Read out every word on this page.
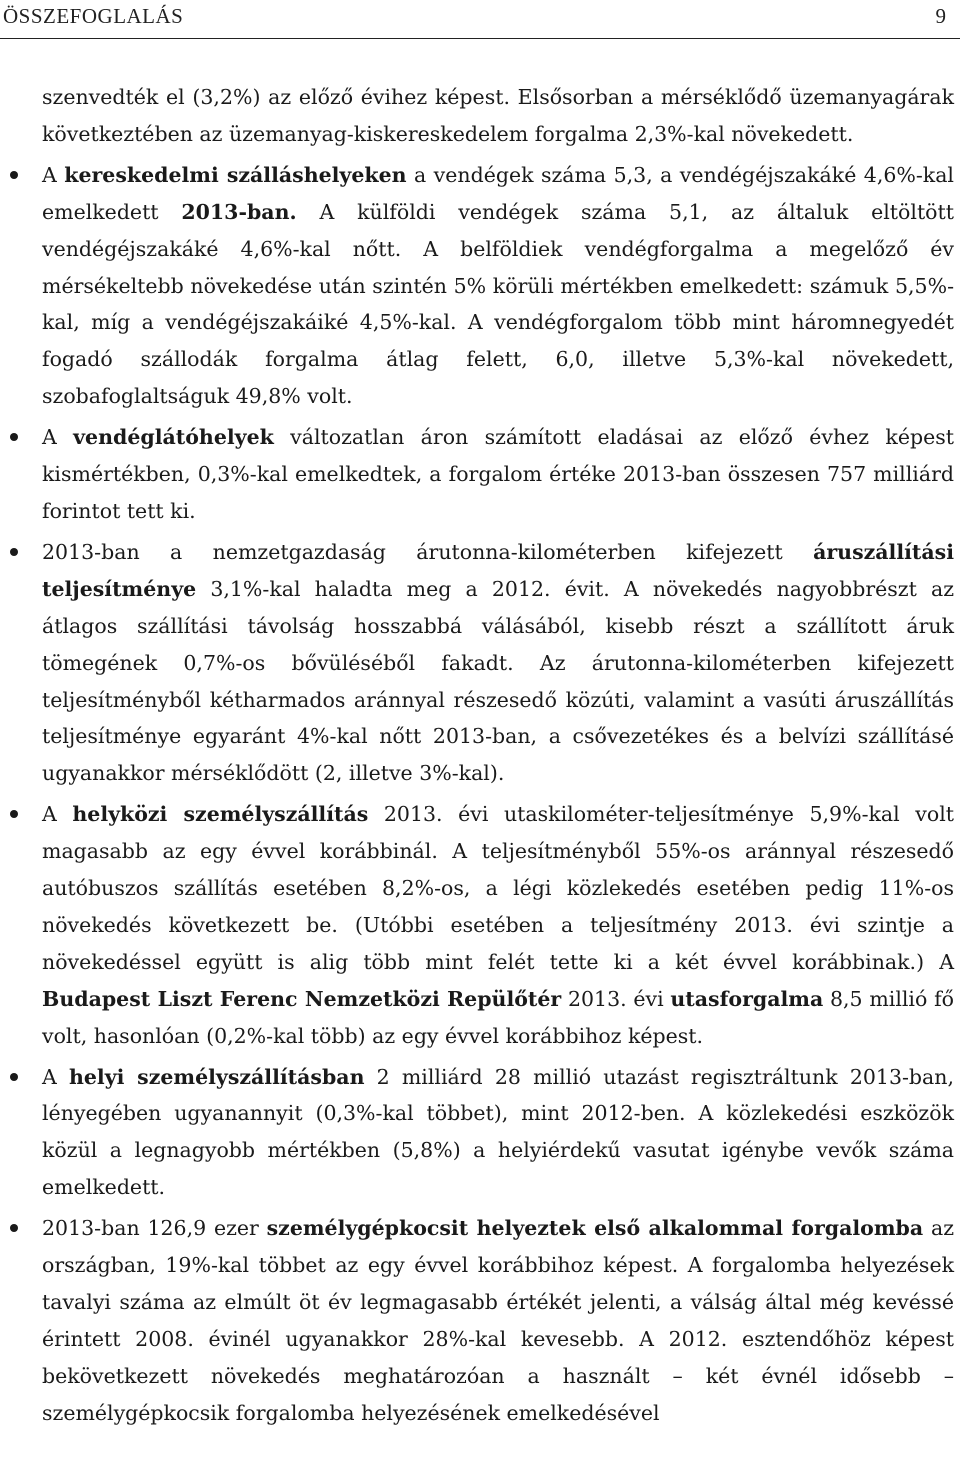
ÖSSZEFOGLALÁS	9

szenvedték el (3,2%) az előző évihez képest. Elsősorban a mérséklődő üzemanyagárak következtében az üzemanyag-kiskereskedelem forgalma 2,3%-kal növekedett.

A kereskedelmi szálláshelyeken a vendégek száma 5,3, a vendégéjszakáké 4,6%-kal emelkedett 2013-ban. A külföldi vendégek száma 5,1, az általuk eltöltött vendégéjszakáké 4,6%-kal nőtt. A belföldiek vendégforgalma a megelőző év mérsékeltebb növekedése után szintén 5% körüli mértékben emelkedett: számuk 5,5%-kal, míg a vendégéjszakáiké 4,5%-kal. A vendégforgalom több mint háromnegyedét fogadó szállodák forgalma átlag felett, 6,0, illetve 5,3%-kal növekedett, szobafoglaltságuk 49,8% volt.

A vendéglátóhelyek változatlan áron számított eladásai az előző évhez képest kismértékben, 0,3%-kal emelkedtek, a forgalom értéke 2013-ban összesen 757 milliárd forintot tett ki.

2013-ban a nemzetgazdaság árutonna-kilométerben kifejezett áruszállítási teljesítménye 3,1%-kal haladta meg a 2012. évit. A növekedés nagyobbrészt az átlagos szállítási távolság hosszabbá válásából, kisebb részt a szállított áruk tömegének 0,7%-os bővüléséből fakadt. Az árutonna-kilométerben kifejezett teljesítményből kétharmados aránnyal részesedő közúti, valamint a vasúti áruszállítás teljesítménye egyaránt 4%-kal nőtt 2013-ban, a csővezetékes és a belvízi szállításé ugyanakkor mérséklődött (2, illetve 3%-kal).

A helyközi személyszállítás 2013. évi utaskilométer-teljesítménye 5,9%-kal volt magasabb az egy évvel korábbinál. A teljesítményből 55%-os aránnyal részesedő autóbuszos szállítás esetében 8,2%-os, a légi közlekedés esetében pedig 11%-os növekedés következett be. (Utóbbi esetében a teljesítmény 2013. évi szintje a növekedéssel együtt is alig több mint felét tette ki a két évvel korábbinak.) A Budapest Liszt Ferenc Nemzetközi Repülőtér 2013. évi utasforgalma 8,5 millió fő volt, hasonlóan (0,2%-kal több) az egy évvel korábbihoz képest.

A helyi személyszállításban 2 milliárd 28 millió utazást regisztráltunk 2013-ban, lényegében ugyanannyit (0,3%-kal többet), mint 2012-ben. A közlekedési eszközök közül a legnagyobb mértékben (5,8%) a helyiérdekű vasutat igénybe vevők száma emelkedett.

2013-ban 126,9 ezer személygépkocsit helyeztek első alkalommal forgalomba az országban, 19%-kal többet az egy évvel korábbihoz képest. A forgalomba helyezések tavalyi száma az elmúlt öt év legmagasabb értékét jelenti, a válság által még kevéssé érintett 2008. évinél ugyanakkor 28%-kal kevesebb. A 2012. esztendőhöz képest bekövetkezett növekedés meghatározóan a használt – két évnél idősebb – személygépkocsik forgalomba helyezésének emelkedésével
